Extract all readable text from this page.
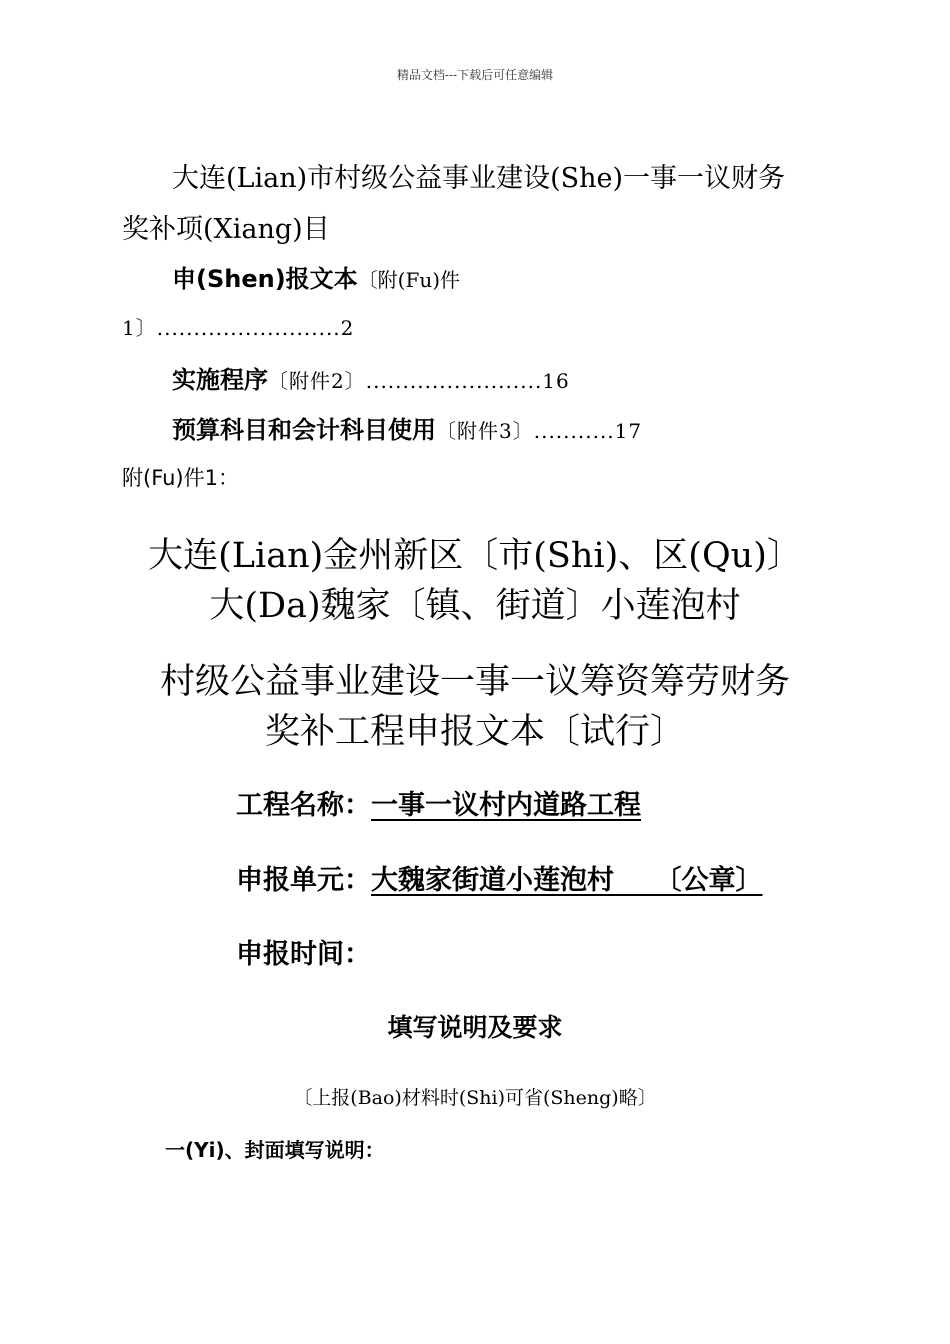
精品文档---下载后可任意编辑
大连(Lian)市村级公益事业建设(She)一事一议财务
奖补项(Xiang)目
申(Shen)报文本〔附(Fu)件
1〕.........................2
实施程序〔附件2〕........................16
预算科目和会计科目使用〔附件3〕...........17
附(Fu)件1：
大连(Lian)金州新区〔市(Shi)、区(Qu)〕
大(Da)魏家〔镇、街道〕小莲泡村
村级公益事业建设一事一议筹资筹劳财务
奖补工程申报文本〔试行〕
工程名称：一事一议村内道路工程
申报单元：大魏家街道小莲泡村　　〔公章〕
申报时间：
填写说明及要求
〔上报(Bao)材料时(Shi)可省(Sheng)略〕
一(Yi)、封面填写说明：
